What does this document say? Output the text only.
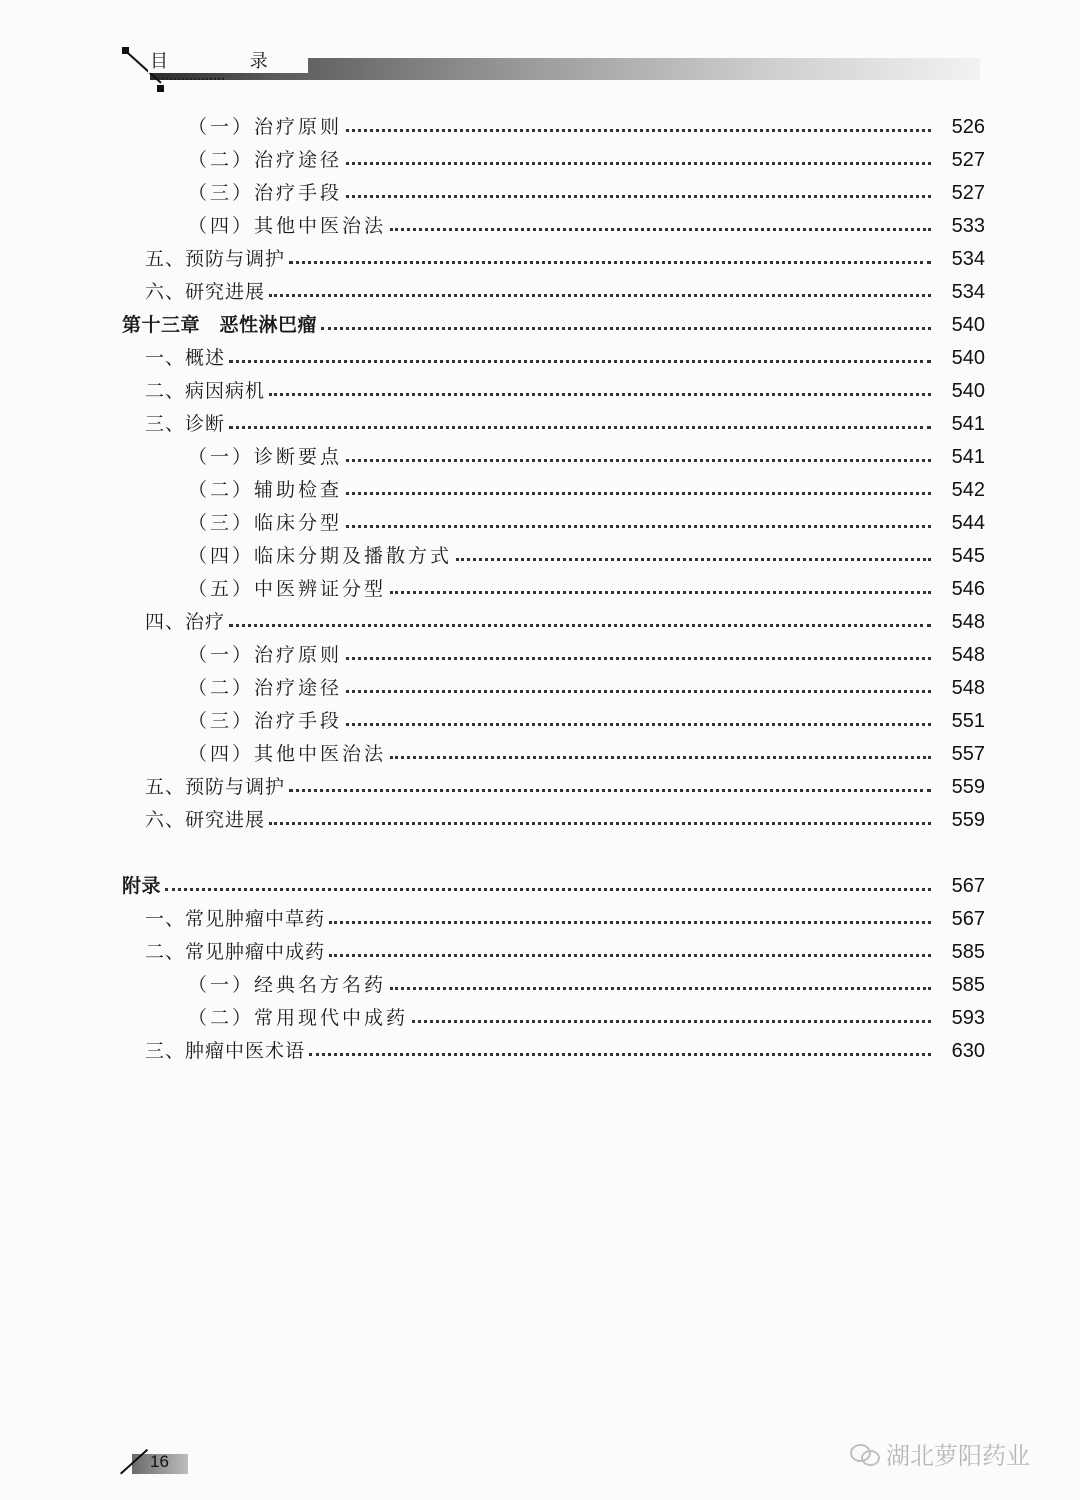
目 录
（一）治疗原则	526
（二）治疗途径	527
（三）治疗手段	527
（四）其他中医治法	533
五、预防与调护	534
六、研究进展	534
第十三章　恶性淋巴瘤	540
一、概述	540
二、病因病机	540
三、诊断	541
（一）诊断要点	541
（二）辅助检查	542
（三）临床分型	544
（四）临床分期及播散方式	545
（五）中医辨证分型	546
四、治疗	548
（一）治疗原则	548
（二）治疗途径	548
（三）治疗手段	551
（四）其他中医治法	557
五、预防与调护	559
六、研究进展	559
附录	567
一、常见肿瘤中草药	567
二、常见肿瘤中成药	585
（一）经典名方名药	585
（二）常用现代中成药	593
三、肿瘤中医术语	630
16	湖北萝阳药业
